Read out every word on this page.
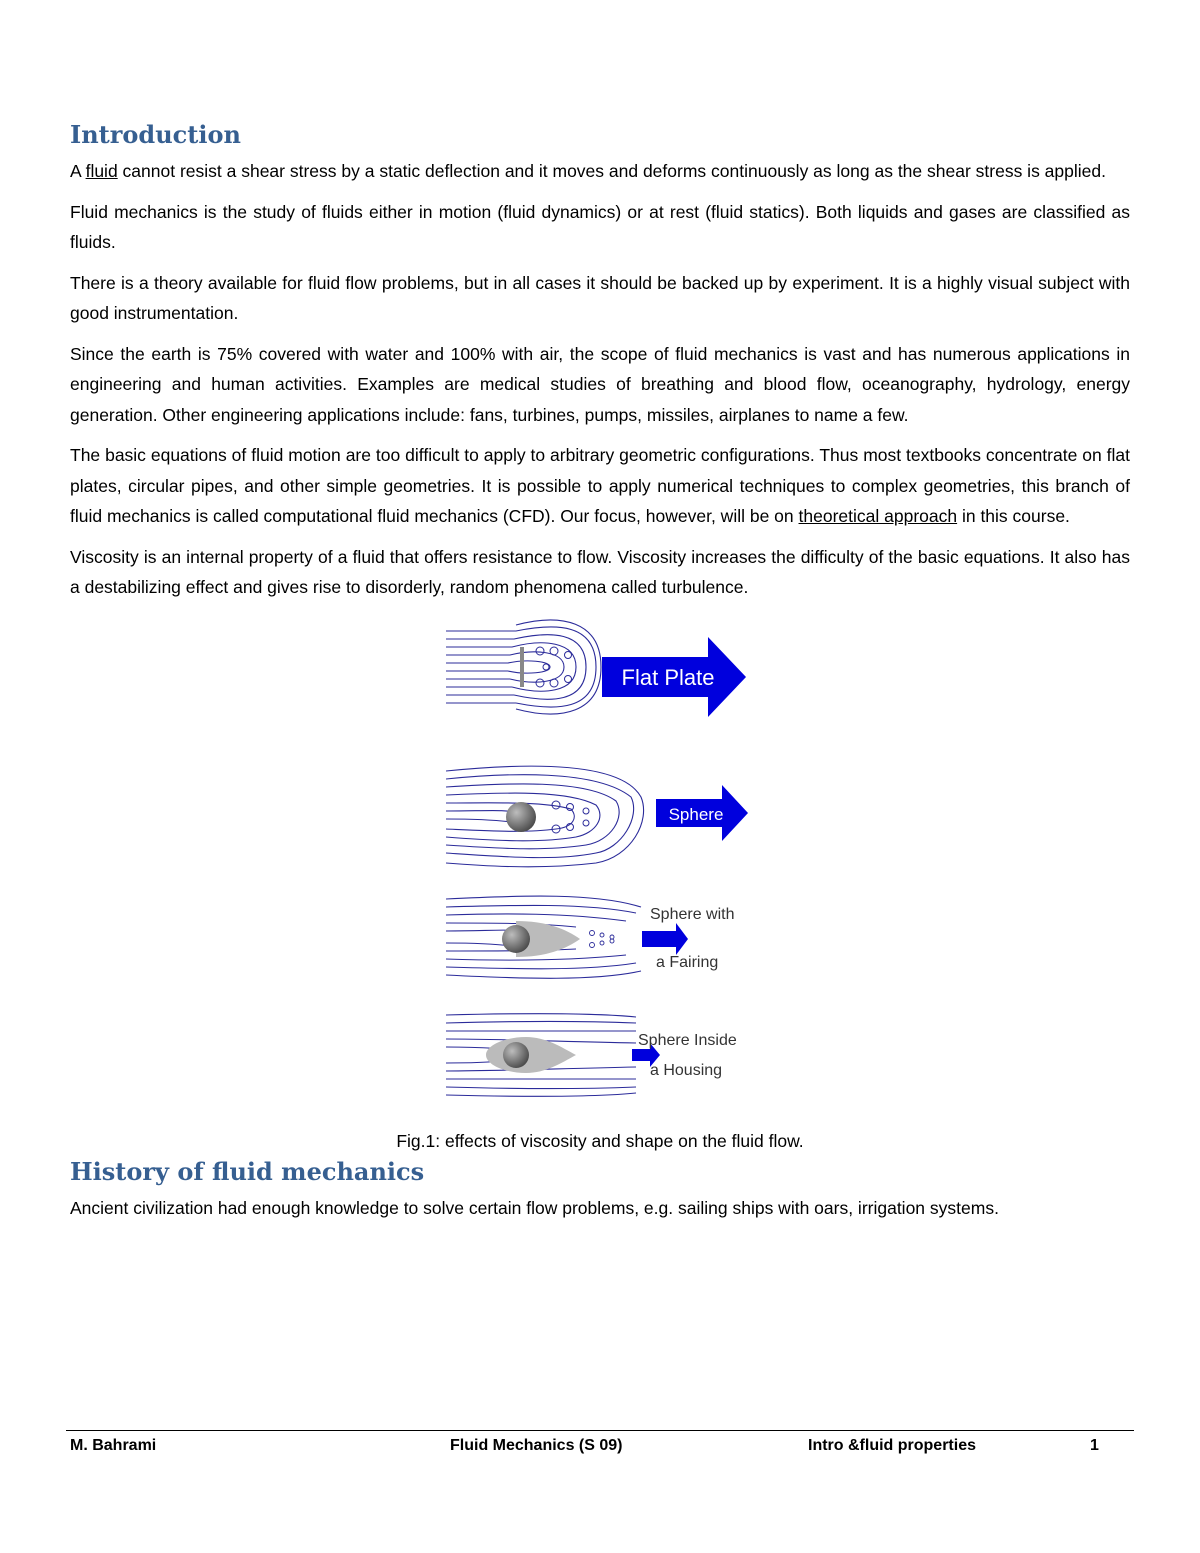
Introduction

A fluid cannot resist a shear stress by a static deflection and it moves and deforms continuously as long as the shear stress is applied.

Fluid mechanics is the study of fluids either in motion (fluid dynamics) or at rest (fluid statics). Both liquids and gases are classified as fluids.

There is a theory available for fluid flow problems, but in all cases it should be backed up by experiment. It is a highly visual subject with good instrumentation.

Since the earth is 75% covered with water and 100% with air, the scope of fluid mechanics is vast and has numerous applications in engineering and human activities. Examples are medical studies of breathing and blood flow, oceanography, hydrology, energy generation. Other engineering applications include: fans, turbines, pumps, missiles, airplanes to name a few.

The basic equations of fluid motion are too difficult to apply to arbitrary geometric configurations. Thus most textbooks concentrate on flat plates, circular pipes, and other simple geometries. It is possible to apply numerical techniques to complex geometries, this branch of fluid mechanics is called computational fluid mechanics (CFD). Our focus, however, will be on theoretical approach in this course.

Viscosity is an internal property of a fluid that offers resistance to flow. Viscosity increases the difficulty of the basic equations. It also has a destabilizing effect and gives rise to disorderly, random phenomena called turbulence.

Flat Plate
Sphere
Sphere with
a Fairing
Sphere Inside
a Housing

Fig.1: effects of viscosity and shape on the fluid flow.

History of fluid mechanics

Ancient civilization had enough knowledge to solve certain flow problems, e.g. sailing ships with oars, irrigation systems.

M. Bahrami	Fluid Mechanics (S 09)	Intro &fluid properties	1
